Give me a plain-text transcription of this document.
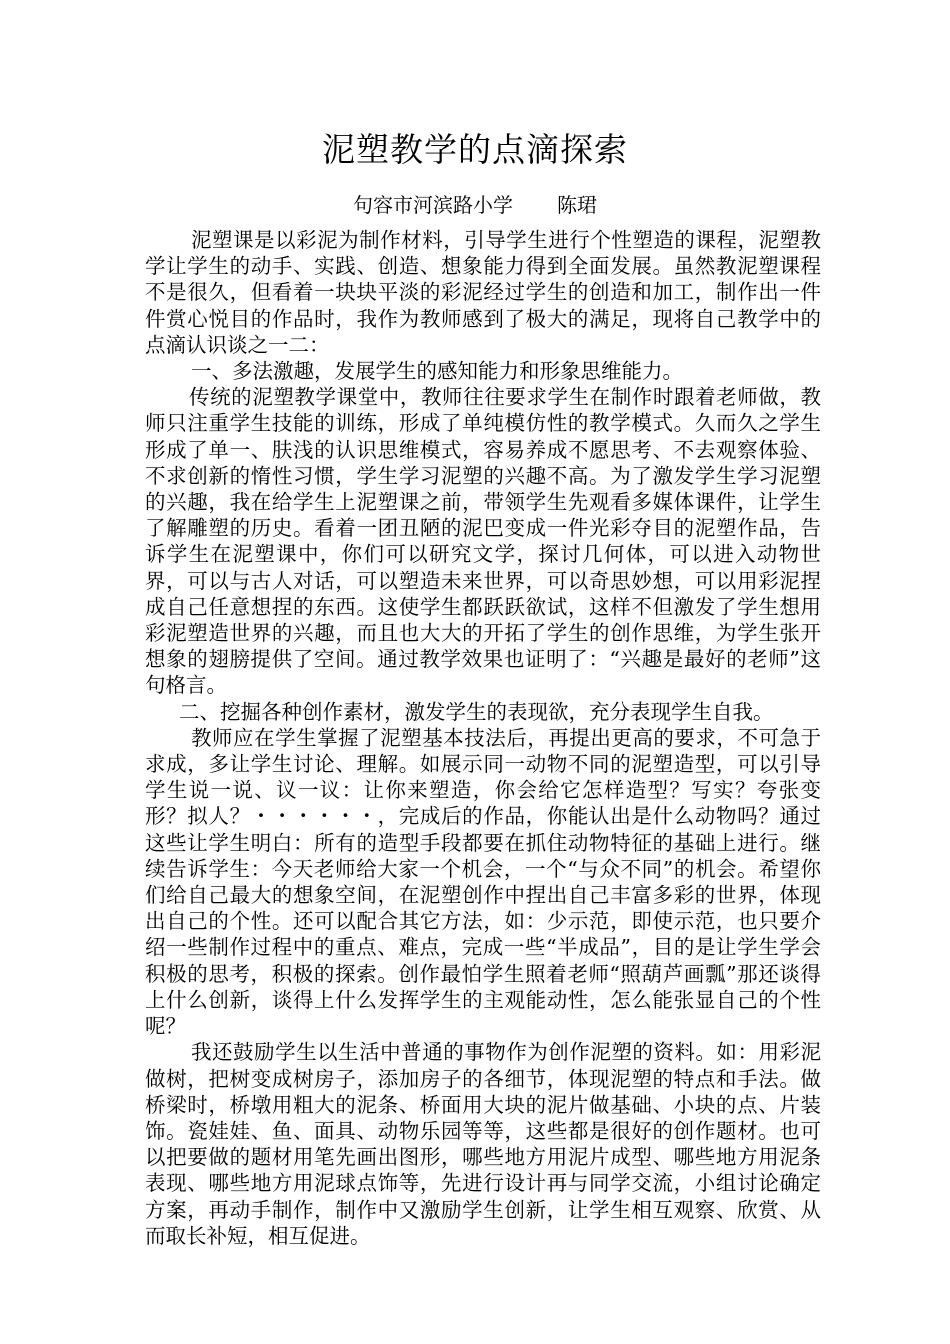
泥塑教学的点滴探索
句容市河滨路小学 陈珺

泥塑课是以彩泥为制作材料，引导学生进行个性塑造的课程，泥塑教学让学生的动手、实践、创造、想象能力得到全面发展。虽然教泥塑课程不是很久，但看着一块块平淡的彩泥经过学生的创造和加工，制作出一件件赏心悦目的作品时，我作为教师感到了极大的满足，现将自己教学中的点滴认识谈之一二：

一、多法激趣，发展学生的感知能力和形象思维能力。

传统的泥塑教学课堂中，教师往往要求学生在制作时跟着老师做，教师只注重学生技能的训练，形成了单纯模仿性的教学模式。久而久之学生形成了单一、肤浅的认识思维模式，容易养成不愿思考、不去观察体验、不求创新的惰性习惯，学生学习泥塑的兴趣不高。为了激发学生学习泥塑的兴趣，我在给学生上泥塑课之前，带领学生先观看多媒体课件，让学生了解雕塑的历史。看着一团丑陋的泥巴变成一件光彩夺目的泥塑作品，告诉学生在泥塑课中，你们可以研究文学，探讨几何体，可以进入动物世界，可以与古人对话，可以塑造未来世界，可以奇思妙想，可以用彩泥捏成自己任意想捏的东西。这使学生都跃跃欲试，这样不但激发了学生想用彩泥塑造世界的兴趣，而且也大大的开拓了学生的创作思维，为学生张开想象的翅膀提供了空间。通过教学效果也证明了：“兴趣是最好的老师”这句格言。

二、挖掘各种创作素材，激发学生的表现欲，充分表现学生自我。

教师应在学生掌握了泥塑基本技法后，再提出更高的要求，不可急于求成，多让学生讨论、理解。如展示同一动物不同的泥塑造型，可以引导学生说一说、议一议：让你来塑造，你会给它怎样造型？写实？夸张变形？拟人？・・・・・・，完成后的作品，你能认出是什么动物吗？通过这些让学生明白：所有的造型手段都要在抓住动物特征的基础上进行。继续告诉学生：今天老师给大家一个机会，一个“与众不同”的机会。希望你们给自己最大的想象空间，在泥塑创作中捏出自己丰富多彩的世界，体现出自己的个性。还可以配合其它方法，如：少示范，即使示范，也只要介绍一些制作过程中的重点、难点，完成一些“半成品”，目的是让学生学会积极的思考，积极的探索。创作最怕学生照着老师“照葫芦画瓢”那还谈得上什么创新，谈得上什么发挥学生的主观能动性，怎么能张显自己的个性呢？

我还鼓励学生以生活中普通的事物作为创作泥塑的资料。如：用彩泥做树，把树变成树房子，添加房子的各细节，体现泥塑的特点和手法。做桥梁时，桥墩用粗大的泥条、桥面用大块的泥片做基础、小块的点、片装饰。瓷娃娃、鱼、面具、动物乐园等等，这些都是很好的创作题材。也可以把要做的题材用笔先画出图形，哪些地方用泥片成型、哪些地方用泥条表现、哪些地方用泥球点饰等，先进行设计再与同学交流，小组讨论确定方案，再动手制作，制作中又激励学生创新，让学生相互观察、欣赏、从而取长补短，相互促进。
